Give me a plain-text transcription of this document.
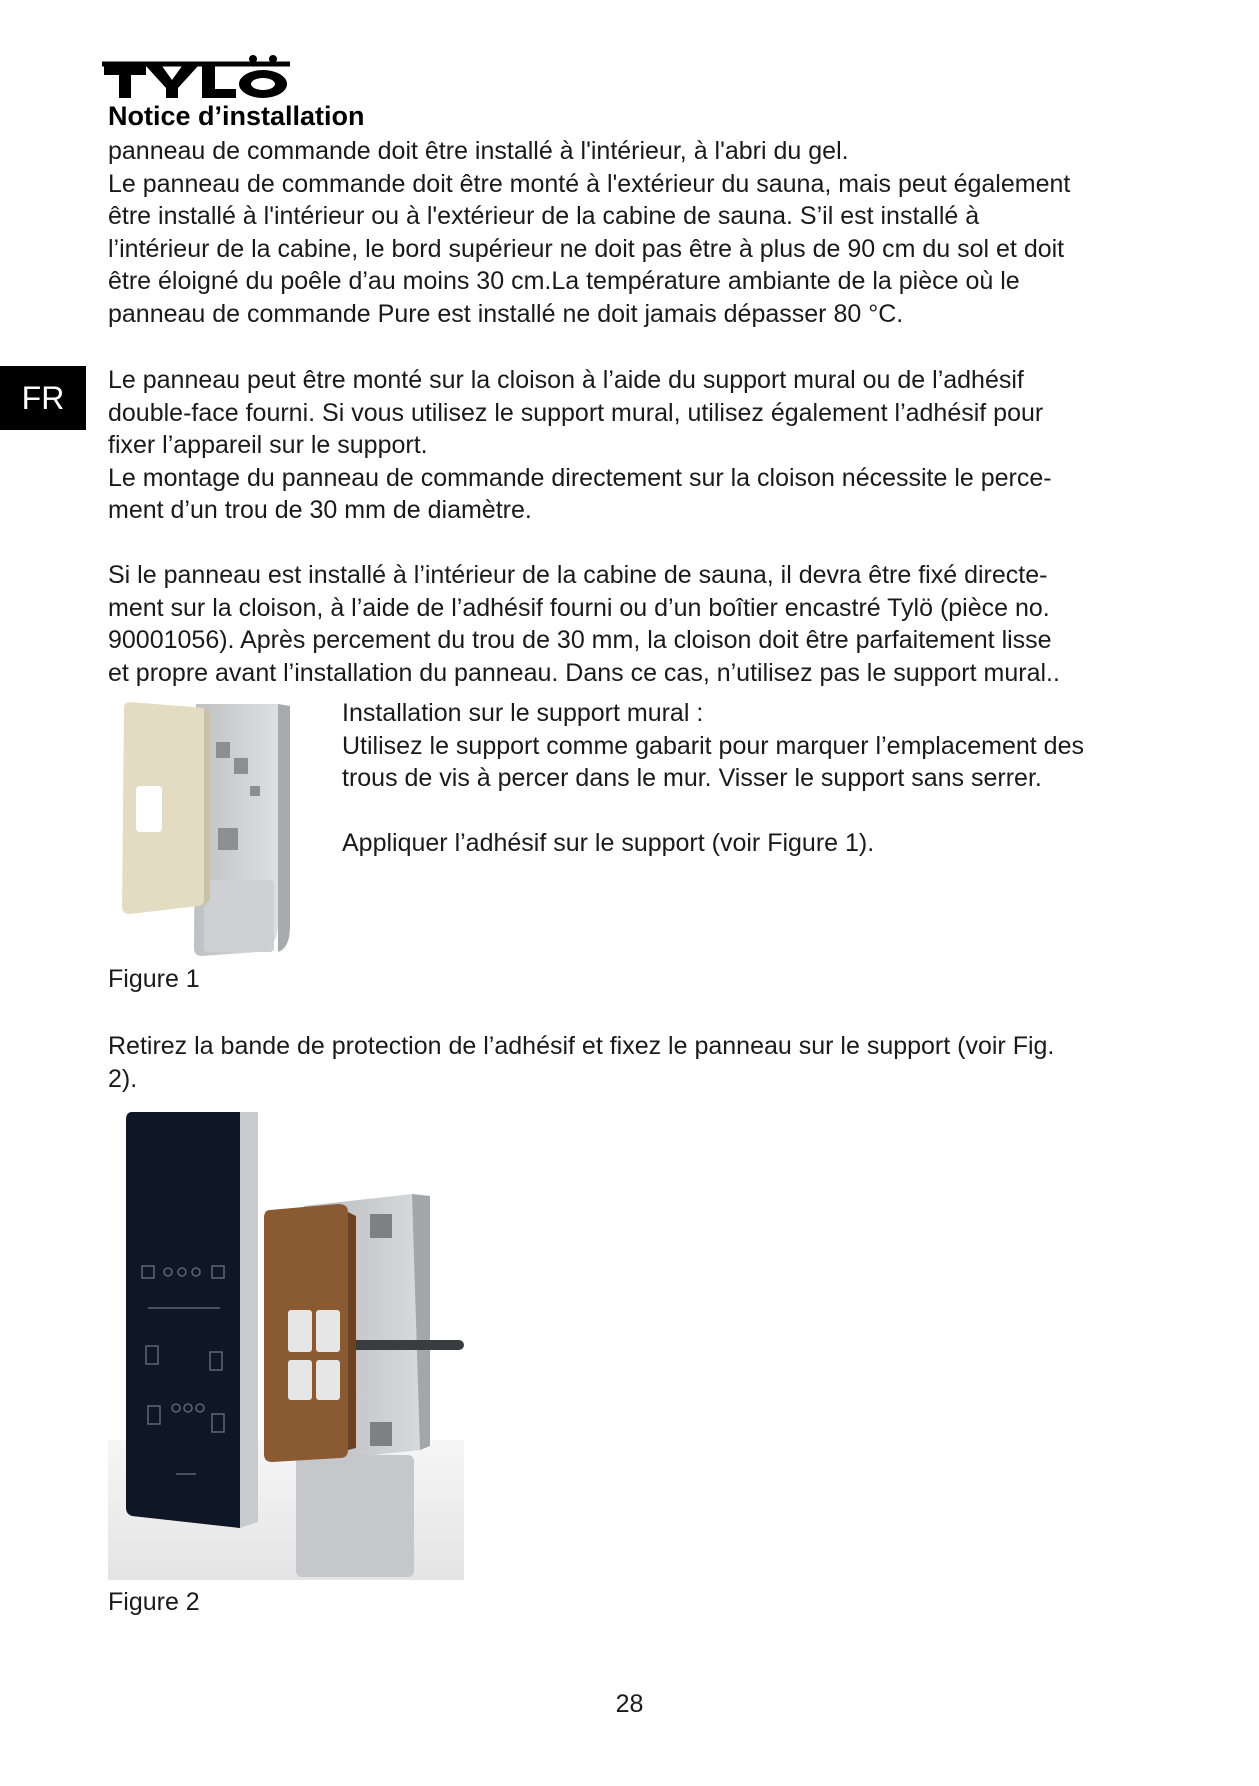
Notice d’installation
FR

panneau de commande doit être installé à l'intérieur, à l'abri du gel.

Le panneau de commande doit être monté à l'extérieur du sauna, mais peut également

être installé à l'intérieur ou à l'extérieur de la cabine de sauna. S’il est installé à

l’intérieur de la cabine, le bord supérieur ne doit pas être à plus de 90 cm du sol et doit

être éloigné du poêle d’au moins 30 cm.La température ambiante de la pièce où le

panneau de commande Pure est installé ne doit jamais dépasser 80 °C.

Le panneau peut être monté sur la cloison à l’aide du support mural ou de l’adhésif

double-face fourni. Si vous utilisez le support mural, utilisez également l’adhésif pour

fixer l’appareil sur le support.

Le montage du panneau de commande directement sur la cloison nécessite le perce-

ment d’un trou de 30 mm de diamètre.

Si le panneau est installé à l’intérieur de la cabine de sauna, il devra être fixé directe-

ment sur la cloison, à l’aide de l’adhésif fourni ou d’un boîtier encastré Tylö (pièce no.

90001056). Après percement du trou de 30 mm, la cloison doit être parfaitement lisse

et propre avant l’installation du panneau. Dans ce cas, n’utilisez pas le support mural..

Installation sur le support mural :

Utilisez le support comme gabarit pour marquer l’emplacement des

trous de vis à percer dans le mur. Visser le support sans serrer.

Appliquer l’adhésif sur le support (voir Figure 1).

Figure 1

Retirez la bande de protection de l’adhésif et fixez le panneau sur le support (voir Fig.

2).

Figure 2

28
